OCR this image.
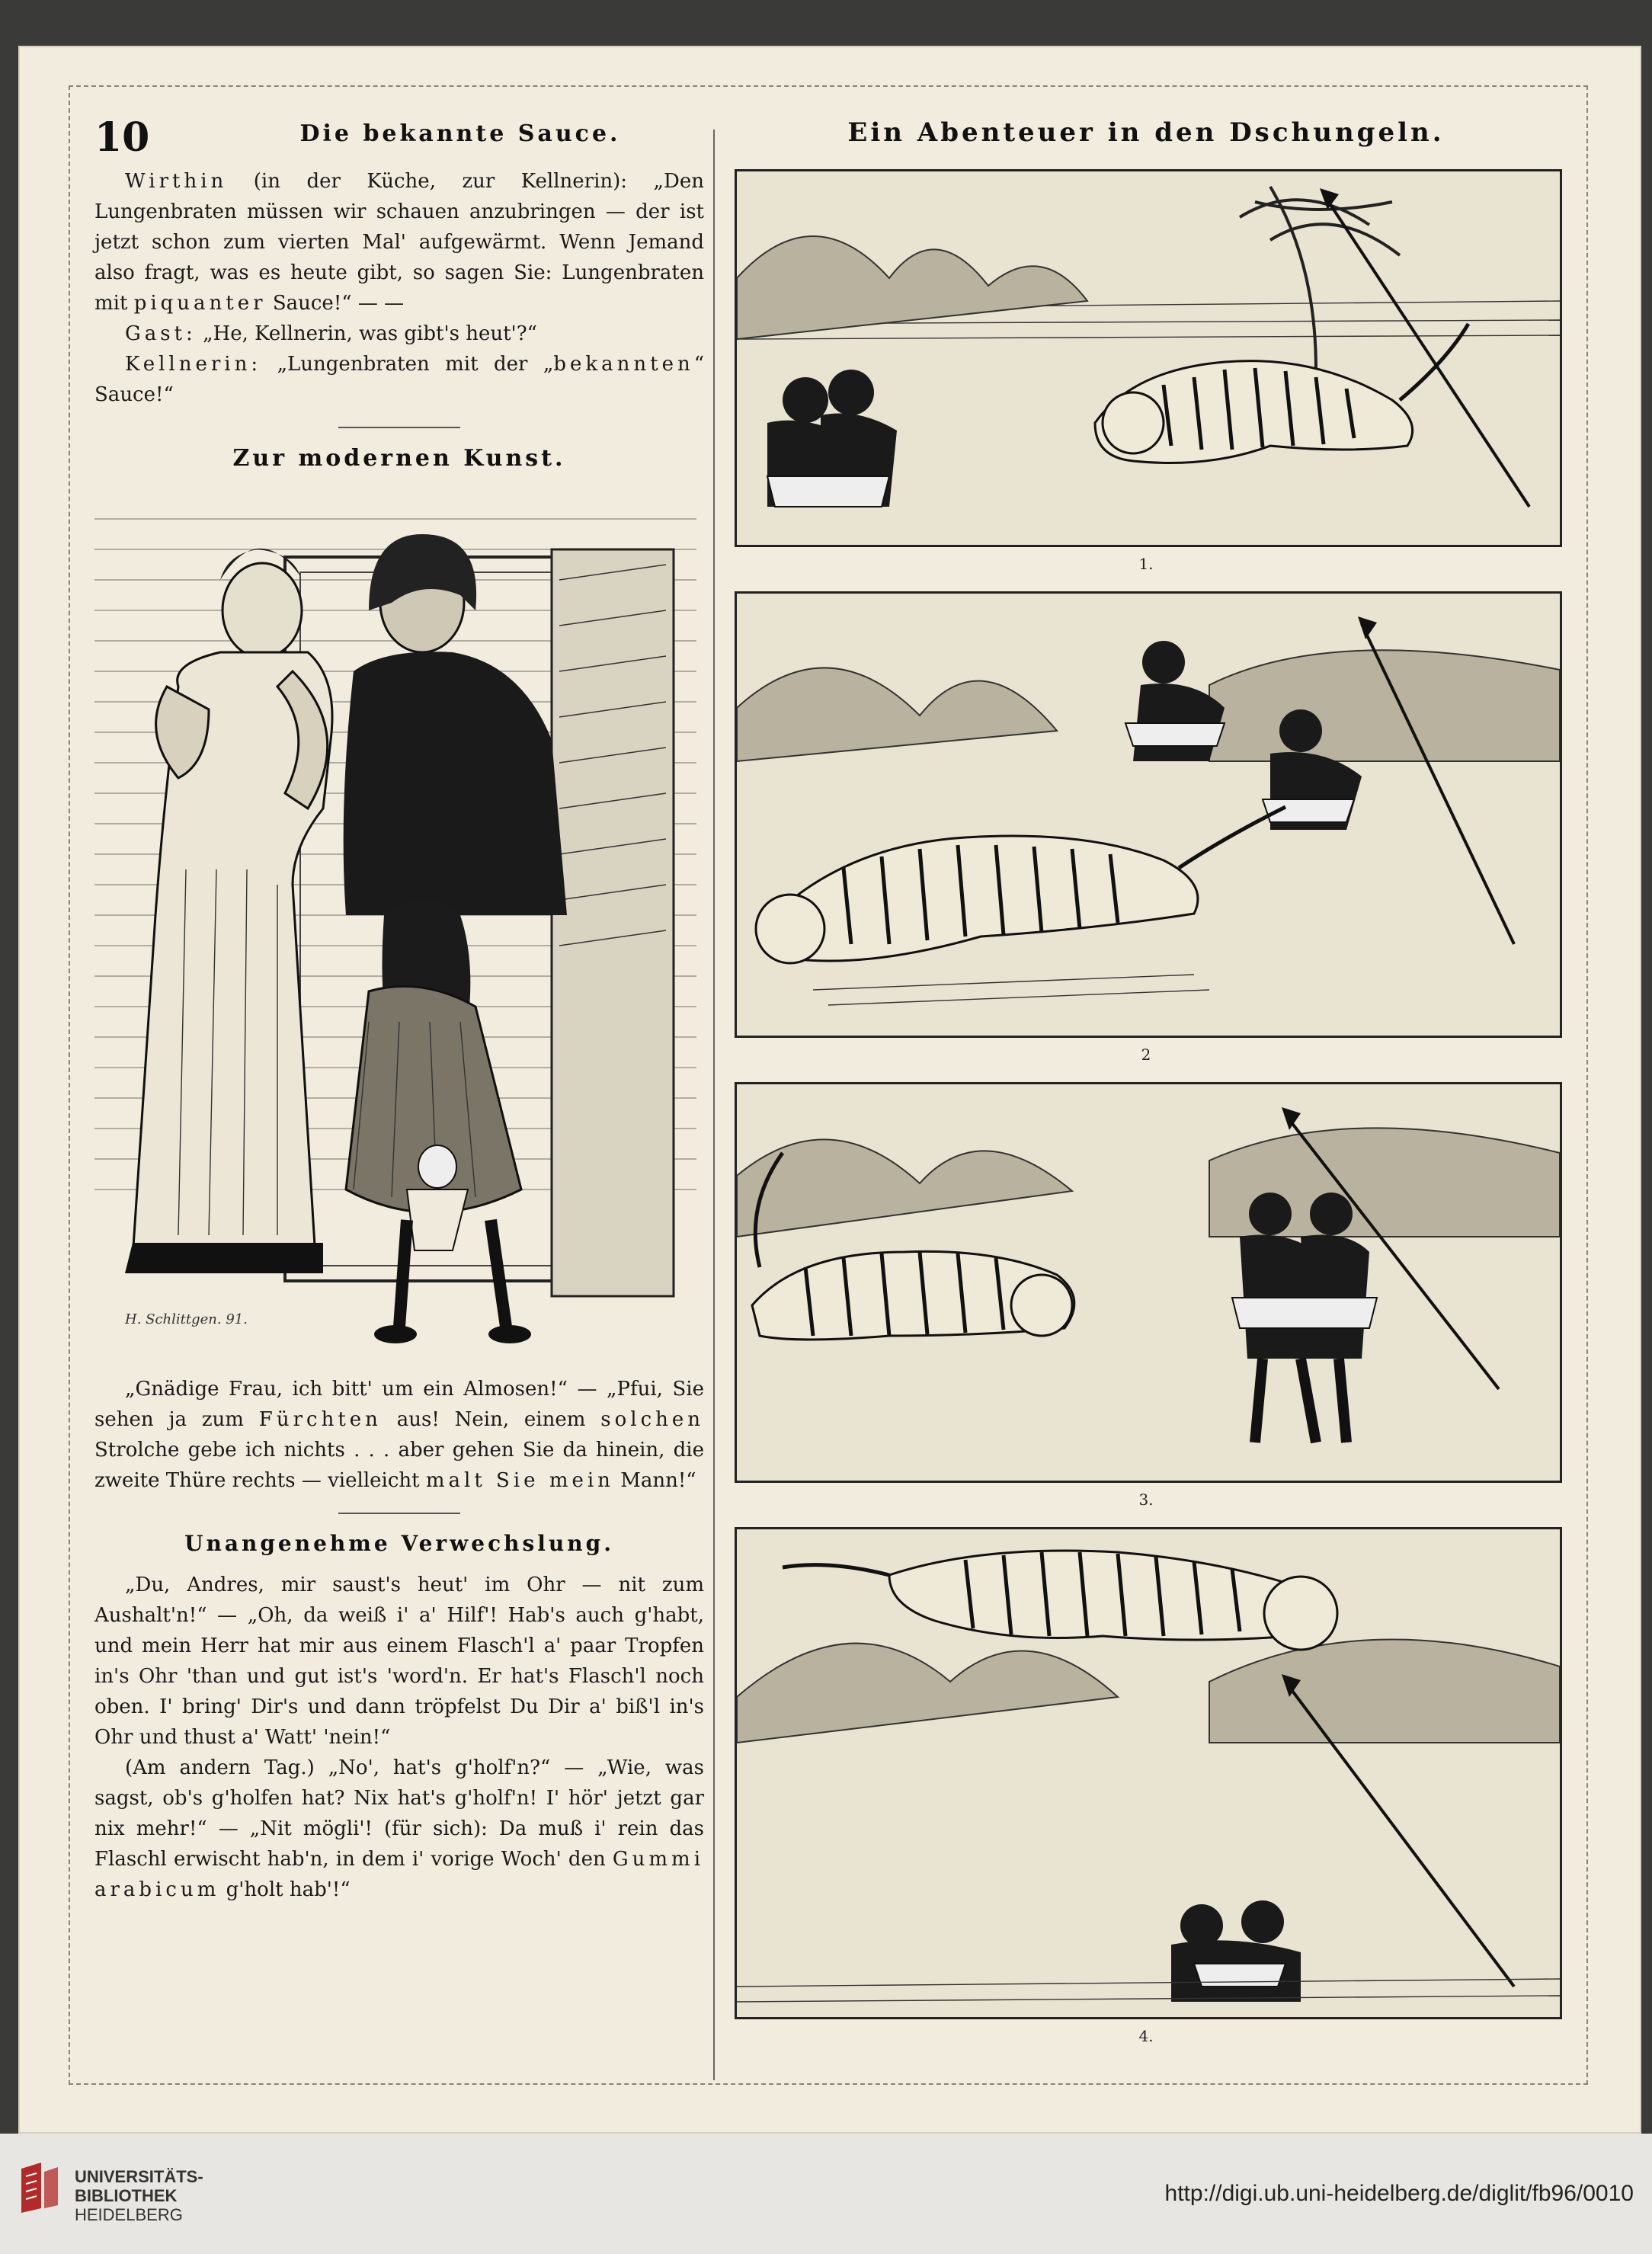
10	Die bekannte Sauce.

Wirthin (in der Küche, zur Kellnerin): „Den Lungenbraten müssen wir schauen anzubringen — der ist jetzt schon zum vierten Mal' aufgewärmt. Wenn Jemand also fragt, was es heute gibt, so sagen Sie: Lungenbraten mit piquanter Sauce!“ — —

Gast: „He, Kellnerin, was gibt's heut'?“

Kellnerin: „Lungenbraten mit der „bekannten“ Sauce!“

Zur modernen Kunst.
H. Schlittgen. 91.

„Gnädige Frau, ich bitt' um ein Almosen!“ — „Pfui, Sie sehen ja zum Fürchten aus! Nein, einem solchen Strolche gebe ich nichts . . . aber gehen Sie da hinein, die zweite Thüre rechts — vielleicht malt Sie mein Mann!“

Unangenehme Verwechslung.

„Du, Andres, mir saust's heut' im Ohr — nit zum Aushalt'n!“ — „Oh, da weiß i' a' Hilf'! Hab's auch g'habt, und mein Herr hat mir aus einem Flasch'l a' paar Tropfen in's Ohr 'than und gut ist's 'word'n. Er hat's Flasch'l noch oben. I' bring' Dir's und dann tröpfelst Du Dir a' biß'l in's Ohr und thust a' Watt' 'nein!“

(Am andern Tag.) „No', hat's g'holf'n?“ — „Wie, was sagst, ob's g'holfen hat? Nix hat's g'holf'n! I' hör' jetzt gar nix mehr!“ — „Nit mögli'! (für sich): Da muß i' rein das Flaschl erwischt hab'n, in dem i' vorige Woch' den Gummi arabicum g'holt hab'!“

Ein Abenteuer in den Dschungeln.
1.
2
3.
4.
UNIVERSITÄTS-
BIBLIOTHEK
HEIDELBERG
http://digi.ub.uni-heidelberg.de/diglit/fb96/0010
